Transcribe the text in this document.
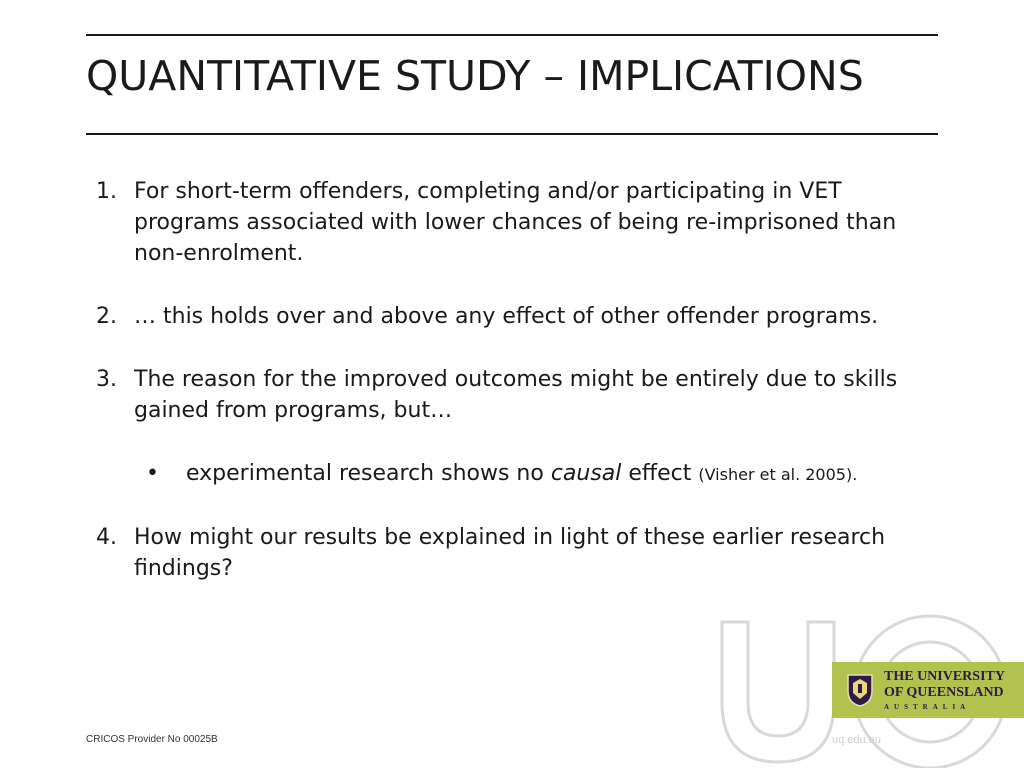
QUANTITATIVE STUDY – IMPLICATIONS

1. For short-term offenders, completing and/or participating in VET programs associated with lower chances of being re-imprisoned than non-enrolment.

2. … this holds over and above any effect of other offender programs.

3. The reason for the improved outcomes might be entirely due to skills gained from programs, but…

• experimental research shows no causal effect (Visher et al. 2005).

4. How might our results be explained in light of these earlier research findings?

THE UNIVERSITY
OF QUEENSLAND
AUSTRALIA
CRICOS Provider No 00025B	uq.edu.au
